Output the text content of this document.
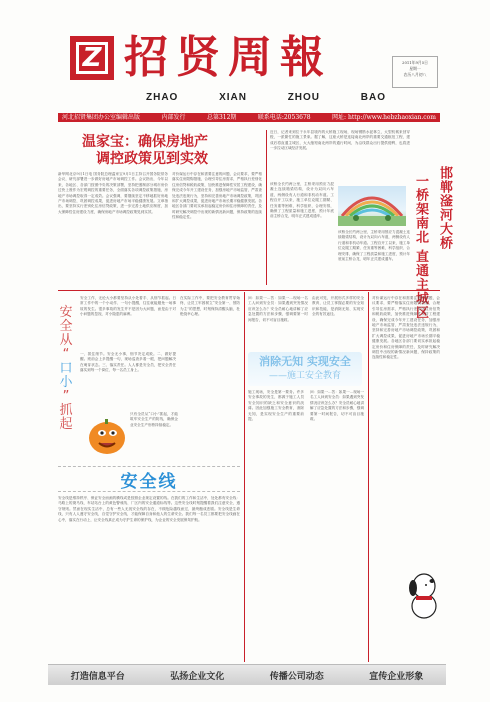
Z 招贤周報
ZHAO	XIAN	ZHOU	BAO
2011年9月5日
星期一
农历八月初八
河北招贤集团办公室编辑出版	内部发行	总第312期	联系电话:2053678	网址: http://www.hebzhaoxian.com
温家宝：确保房地产
调控政策见到实效
新华网北京9月1日电 国务院总理温家宝9月1日主持召开国务院常务会议，研究部署进一步做好房地产市场调控工作。会议指出，今年以来，各地区、各部门按照中央的决策部署，坚持把遏制部分城市房价过快上涨作为宏观调控的重要任务，全面落实各项调控政策措施，房地产市场调控取得一定成效。会议强调，要继续坚定不移地抓好房地产市场调控，巩固调控成果，促进房地产市场平稳健康发展。文章指出，要坚持实行差别化住房信贷政策，进一步完善土地供应制度，加大保障性住房建设力度，确保房地产市场调控政策见到实效。
对价谋运行中存在和需要注意的问题，会议要求，要严格落实住房限购措施，合理引导住房需求，严格执行差别化住房信贷和税收政策，加快推进保障性安居工程建设，确保完成今年开工建设任务，加强房地产市场监管，严肃查处违法违规行为，坚持和完善房地产市场调控政策，巩固和扩大调控成果，促进房地产市场长期平稳健康发展。各地区各部门要切实承担起稳定房价和住房保障的责任，及时研究解决调控中出现的新情况新问题，保持政策的连续性和稳定性。
近日，记者来到位于永年县境内的大桥施工现场，现场钢筋水泥林立，大型机械来回穿梭，一派繁忙的施工景象。据了解，这座大桥是连接南北两岸的重要交通枢纽工程，建成后将直通主城区，大大缩短南北两岸的通行时间，为沿线群众出行提供便利，也将进一步拉动区域经济发展。
该桥全长约两公里，主桥采用预应力混凝土连续箱梁结构，设计为双向六车道，两侧设有人行道和非机动车道。工程自开工以来，施工单位克服工期紧、任务重等困难，科学组织、合理安排，确保了工程质量和施工进度，预计年底前主桥合龙，明年正式建成通车。
该桥全长约两公里，主桥采用预应力混凝土连续箱梁结构，设计为双向六车道，两侧设有人行道和非机动车道。工程自开工以来，施工单位克服工期紧、任务重等困难，科学组织、合理安排，确保了工程质量和施工进度，预计年底前主桥合龙，明年正式建成通车。
邯郸滏河大桥
一桥架南北 直通主城区
安
全
从
“
口
小
”
抓
起
安全工作，无论大小都要坚持从小处着手、从细节抓起。日常工作中的一个小动作、一句小提醒，往往就能避免一场事故的发生。很多事故的发生并不是因为大问题，而是由于对小问题的忽视，对小隐患的麻痹。
一、抓住细节。安全无小事，细节决定成败。二、做好提醒。班前会上多提醒一句，现场巡查多看一眼，把问题解决在萌芽状态。三、落实责任。人人都是安全员，把安全责任落实到每一个岗位、每一名员工身上。
只有全员从“口小”抓起，才能筑牢安全生产的防线，确保企业安全生产形势持续稳定。
在实际工作中，要把安全教育贯穿始终，让员工牢固树立“安全第一、预防为主”的思想，时刻保持清醒头脑，杜绝侥幸心理。
安全线
安全线是维持秩序、保证安全而画的横线或是按照企业规定设置的线。在我们的工作和生活中，处处都有安全线：马路上的斑马线、车站站台上的黄色警戒线、厂区内的安全通道标线等。这些安全线时刻提醒着我们注意安全，遵守规则。然而在现实生活中，总有一些人无视安全线的存在，不顾危险越线而过，最终酿成悲剧。安全线是生命线，只有人人遵守安全线，自觉守护安全线，才能保障自身和他人的生命安全。我们每一名员工都要把安全线画在心中，落实在行动上，让安全线真正成为守护生命的保护线，为企业的安全发展保驾护航。
问：如果一…答：如果一…现场一名工人问到安全员：如果遇到突发情况应该怎么办？安全员耐心地讲解了应急处置的方法和步骤，强调要第一时间报告，切不可盲目施救。
消除无知 实现安全
——施工安全教育
施工现场，安全是第一要务。许多安全事故的发生，都源于施工人员安全知识的缺乏和安全意识的淡薄。因此加强施工安全教育，消除无知，是实现安全生产的重要前提。
问：如果一…答：如果一…现场一名工人问到安全员：如果遇到突发情况应该怎么办？安全员耐心地讲解了应急处置的方法和步骤，强调要第一时间报告，切不可盲目施救。
由此可见，开展形式多样的安全教育，让员工掌握必要的安全知识和技能，是消除无知、实现安全的有效途径。
对价谋运行中存在和需要注意的问题，会议要求，要严格落实住房限购措施，合理引导住房需求，严格执行差别化住房信贷和税收政策，加快推进保障性安居工程建设，确保完成今年开工建设任务，加强房地产市场监管，严肃查处违法违规行为，坚持和完善房地产市场调控政策，巩固和扩大调控成果，促进房地产市场长期平稳健康发展。各地区各部门要切实承担起稳定房价和住房保障的责任，及时研究解决调控中出现的新情况新问题，保持政策的连续性和稳定性。
打造信息平台	弘扬企业文化	传播公司动态	宣传企业形象
